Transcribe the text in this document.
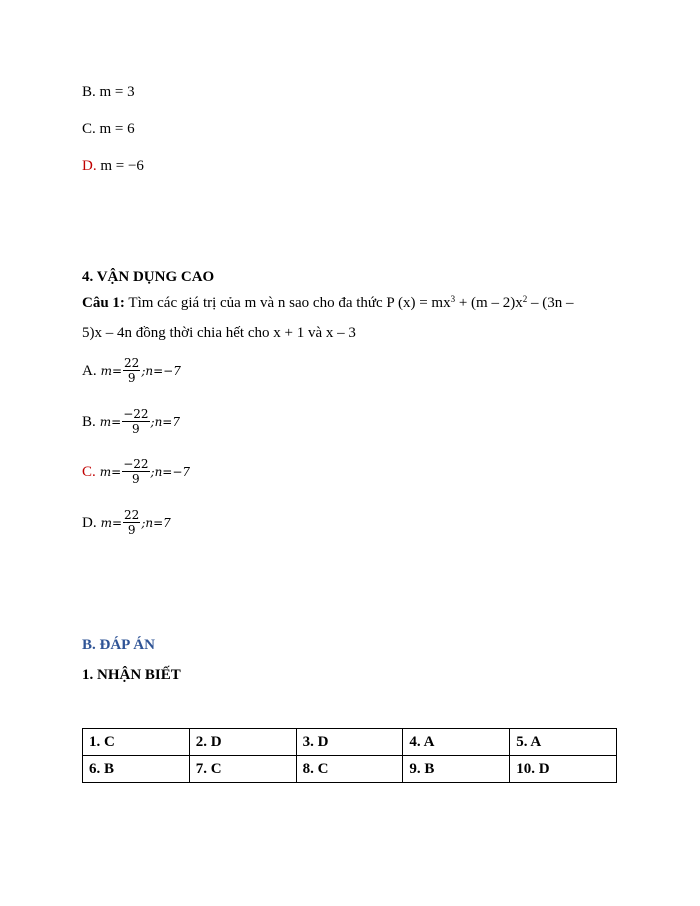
B. m = 3
C. m = 6
D. m = −6
4. VẬN DỤNG CAO
Câu 1: Tìm các giá trị của m và n sao cho đa thức P $(x) = mx^3 + (m - 2)x^2 - (3n$ –
5)x – 4n đồng thời chia hết cho x + 1 và x – 3
A. $m= \frac{22}{9}$ ;n=−7
B. $m= \frac{-22}{9}$ ;n=7
C. $m= \frac{-22}{9}$ ;n=−7
D. $m= \frac{22}{9}$ ;n=7
B. ĐÁP ÁN
1. NHẬN BIẾT
1. C	2. D	3. D	4. A	5. A
6. B	7. C	8. C	9. B	10. D
